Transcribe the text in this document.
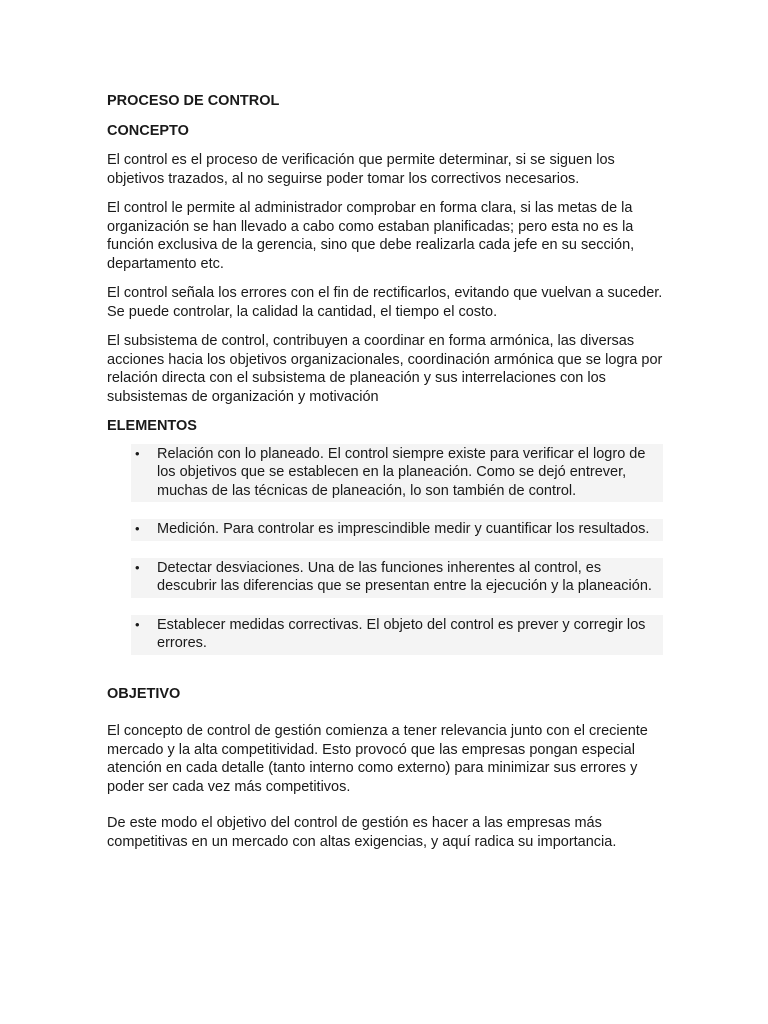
PROCESO DE CONTROL
CONCEPTO

El control es el proceso de verificación que permite determinar, si se siguen los objetivos trazados, al no seguirse poder tomar los correctivos necesarios.

El control le permite al administrador comprobar en forma clara, si las metas de la organización se han llevado a cabo como estaban planificadas; pero esta no es la función exclusiva de la gerencia, sino que debe realizarla cada jefe en su sección, departamento etc.

El control señala los errores con el fin de rectificarlos, evitando que vuelvan a suceder. Se puede controlar, la calidad la cantidad, el tiempo el costo.

El subsistema de control, contribuyen a coordinar en forma armónica, las diversas acciones hacia los objetivos organizacionales, coordinación armónica que se logra por relación directa con el subsistema de planeación y sus interrelaciones con los subsistemas de organización y motivación

ELEMENTOS
• Relación con lo planeado. El control siempre existe para verificar el logro de los objetivos que se establecen en la planeación. Como se dejó entrever, muchas de las técnicas de planeación, lo son también de control.
• Medición. Para controlar es imprescindible medir y cuantificar los resultados.
• Detectar desviaciones. Una de las funciones inherentes al control, es descubrir las diferencias que se presentan entre la ejecución y la planeación.
• Establecer medidas correctivas. El objeto del control es prever y corregir los errores.
OBJETIVO

El concepto de control de gestión comienza a tener relevancia junto con el creciente mercado y la alta competitividad. Esto provocó que las empresas pongan especial atención en cada detalle (tanto interno como externo) para minimizar sus errores y poder ser cada vez más competitivos.

De este modo el objetivo del control de gestión es hacer a las empresas más competitivas en un mercado con altas exigencias, y aquí radica su importancia.
